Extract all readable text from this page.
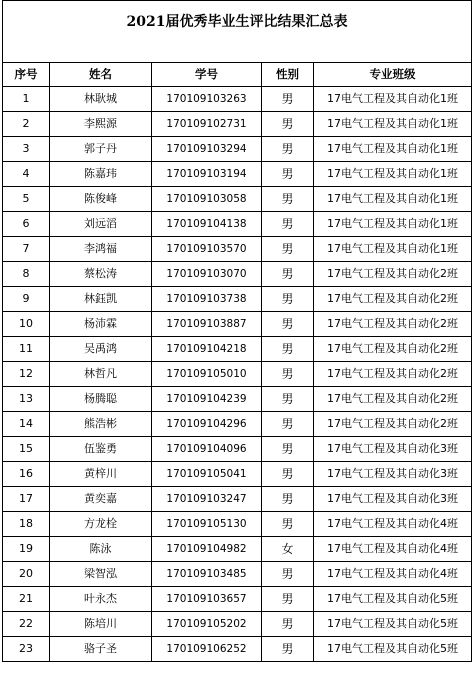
2021届优秀毕业生评比结果汇总表				

序号	姓名	学号	性别	专业班级
1	林耿城	170109103263	男	17电气工程及其自动化1班
2	李熙源	170109102731	男	17电气工程及其自动化1班
3	郭子丹	170109103294	男	17电气工程及其自动化1班
4	陈嘉玮	170109103194	男	17电气工程及其自动化1班
5	陈俊峰	170109103058	男	17电气工程及其自动化1班
6	刘远滔	170109104138	男	17电气工程及其自动化1班
7	李鸿福	170109103570	男	17电气工程及其自动化1班
8	蔡松涛	170109103070	男	17电气工程及其自动化2班
9	林鈺凯	170109103738	男	17电气工程及其自动化2班
10	杨沛霖	170109103887	男	17电气工程及其自动化2班
11	吴禹鸿	170109104218	男	17电气工程及其自动化2班
12	林哲凡	170109105010	男	17电气工程及其自动化2班
13	杨腾聪	170109104239	男	17电气工程及其自动化2班
14	熊浩彬	170109104296	男	17电气工程及其自动化2班
15	伍鉴勇	170109104096	男	17电气工程及其自动化3班
16	黄梓川	170109105041	男	17电气工程及其自动化3班
17	黄奕嘉	170109103247	男	17电气工程及其自动化3班
18	方龙栓	170109105130	男	17电气工程及其自动化4班
19	陈泳	170109104982	女	17电气工程及其自动化4班
20	梁智泓	170109103485	男	17电气工程及其自动化4班
21	叶永杰	170109103657	男	17电气工程及其自动化5班
22	陈培川	170109105202	男	17电气工程及其自动化5班
23	骆子圣	170109106252	男	17电气工程及其自动化5班
